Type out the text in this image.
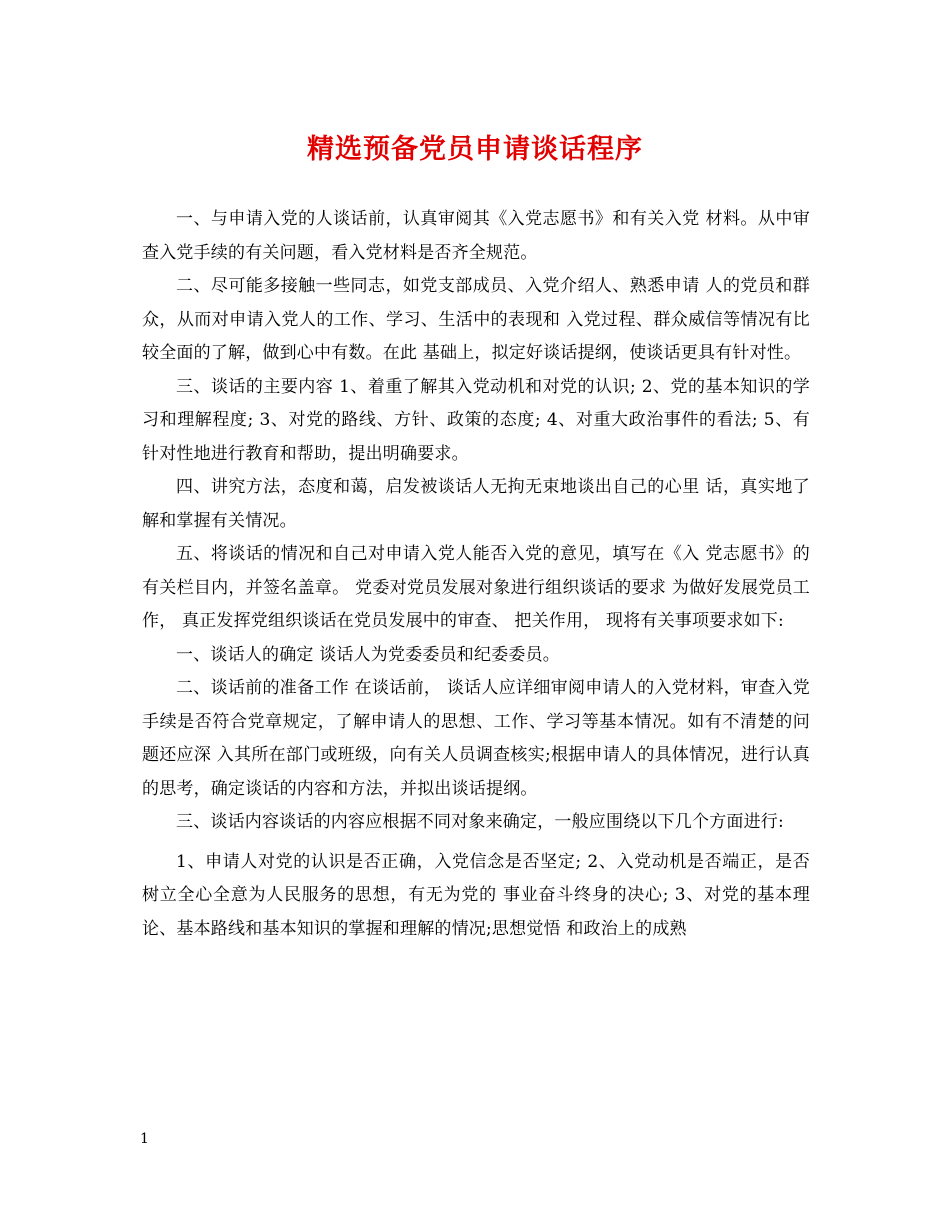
精选预备党员申请谈话程序

一、与申请入党的人谈话前，认真审阅其《入党志愿书》和有关入党 材料。从中审查入党手续的有关问题，看入党材料是否齐全规范。

二、尽可能多接触一些同志，如党支部成员、入党介绍人、熟悉申请 人的党员和群众，从而对申请入党人的工作、学习、生活中的表现和 入党过程、群众威信等情况有比较全面的了解，做到心中有数。在此 基础上，拟定好谈话提纲，使谈话更具有针对性。

三、谈话的主要内容 1、着重了解其入党动机和对党的认识; 2、党的基本知识的学习和理解程度; 3、对党的路线、方针、政策的态度; 4、对重大政治事件的看法; 5、有针对性地进行教育和帮助，提出明确要求。

四、讲究方法，态度和蔼，启发被谈话人无拘无束地谈出自己的心里 话，真实地了解和掌握有关情况。

五、将谈话的情况和自己对申请入党人能否入党的意见，填写在《入 党志愿书》的有关栏目内，并签名盖章。 党委对党员发展对象进行组织谈话的要求 为做好发展党员工作， 真正发挥党组织谈话在党员发展中的审查、 把关作用， 现将有关事项要求如下:

一、谈话人的确定 谈话人为党委委员和纪委委员。

二、谈话前的准备工作 在谈话前， 谈话人应详细审阅申请人的入党材料，审查入党手续是否符合党章规定，了解申请人的思想、工作、学习等基本情况。如有不清楚的问题还应深 入其所在部门或班级，向有关人员调查核实;根据申请人的具体情况，进行认真 的思考，确定谈话的内容和方法，并拟出谈话提纲。

三、谈话内容谈话的内容应根据不同对象来确定，一般应围绕以下几个方面进行:

1、申请人对党的认识是否正确，入党信念是否坚定; 2、入党动机是否端正，是否树立全心全意为人民服务的思想，有无为党的 事业奋斗终身的决心; 3、对党的基本理论、基本路线和基本知识的掌握和理解的情况;思想觉悟 和政治上的成熟

1
